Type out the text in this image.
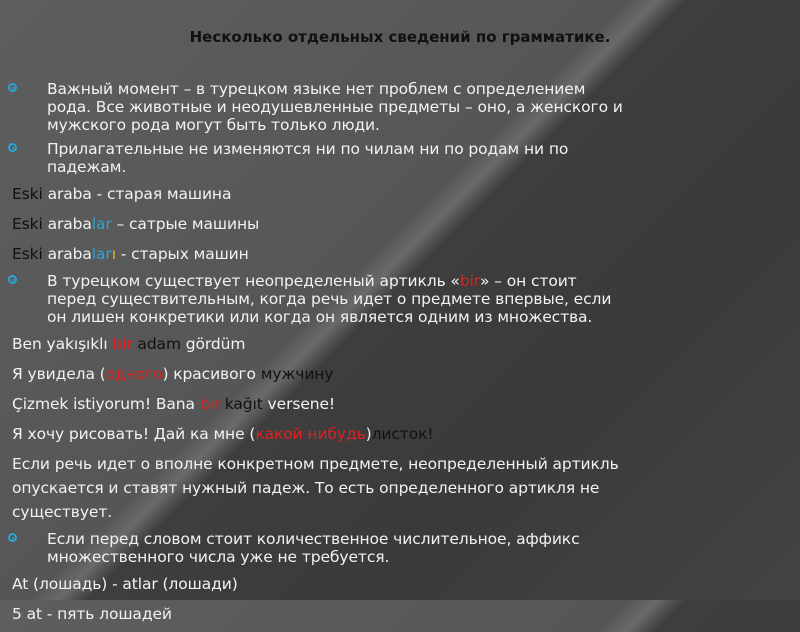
Несколько отдельных сведений по грамматике.
Важный момент – в турецком языке нет проблем с определением
рода. Все животные и неодушевленные предметы – оно, а женского и
мужского рода могут быть только люди.
Прилагательные не изменяются ни по чилам ни по родам ни по
падежам.
Eski araba - старая машина
Eski arabalar – сатрые машины
Eski arabaları - старых машин
В турецком существует неопределеный артикль «bir» – он стоит
перед существительным, когда речь идет о предмете впервые, если
он лишен конкретики или когда он является одним из множества.
Ben yakışıklı bir adam gördüm
Я увидела (одного) красивого мужчину
Çizmek istiyorum! Bana bir kağıt versene!
Я хочу рисовать! Дай ка мне (какой нибудь)листок!
Если речь идет о вполне конкретном предмете, неопределенный артикль
опускается и ставят нужный падеж. То есть определенного артикля не
существует.
Если перед словом стоит количественное числительное, аффикс
множественного числа уже не требуется.
At (лошадь) - atlar (лошади)
5 at - пять лошадей
